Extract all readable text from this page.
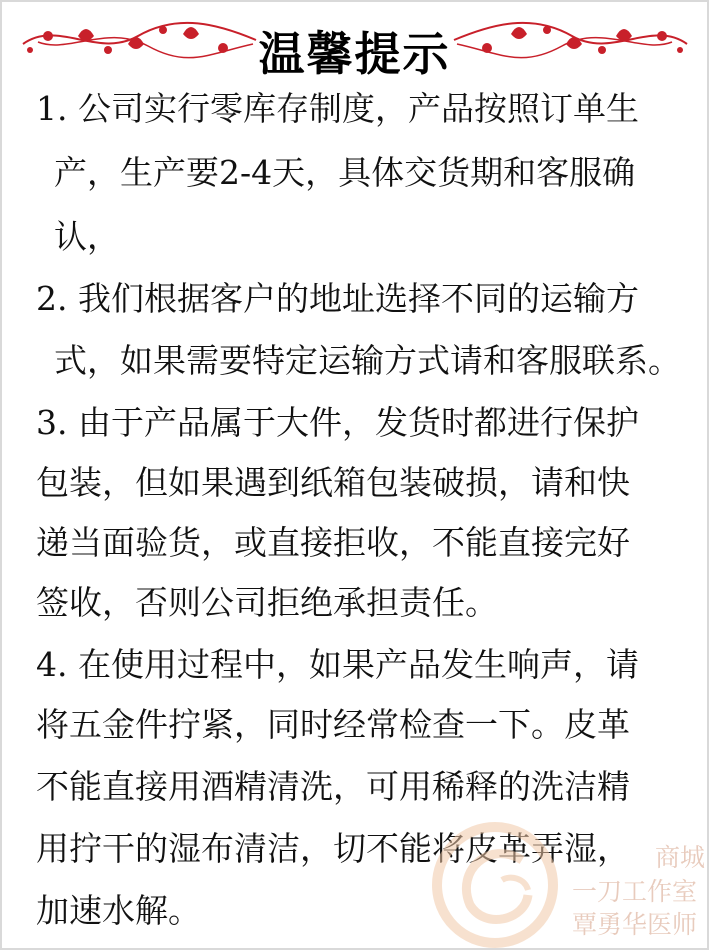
温馨提示
1. 公司实行零库存制度，产品按照订单生
产，生产要2-4天，具体交货期和客服确
认，
2. 我们根据客户的地址选择不同的运输方
式，如果需要特定运输方式请和客服联系。
3. 由于产品属于大件，发货时都进行保护
包装，但如果遇到纸箱包装破损，请和快
递当面验货，或直接拒收，不能直接完好
签收，否则公司拒绝承担责任。
4. 在使用过程中，如果产品发生响声，请
将五金件拧紧，同时经常检查一下。皮革
不能直接用酒精清洗，可用稀释的洗洁精
用拧干的湿布清洁，切不能将皮革弄湿，
加速水解。
商城
一刀工作室
覃勇华医师
